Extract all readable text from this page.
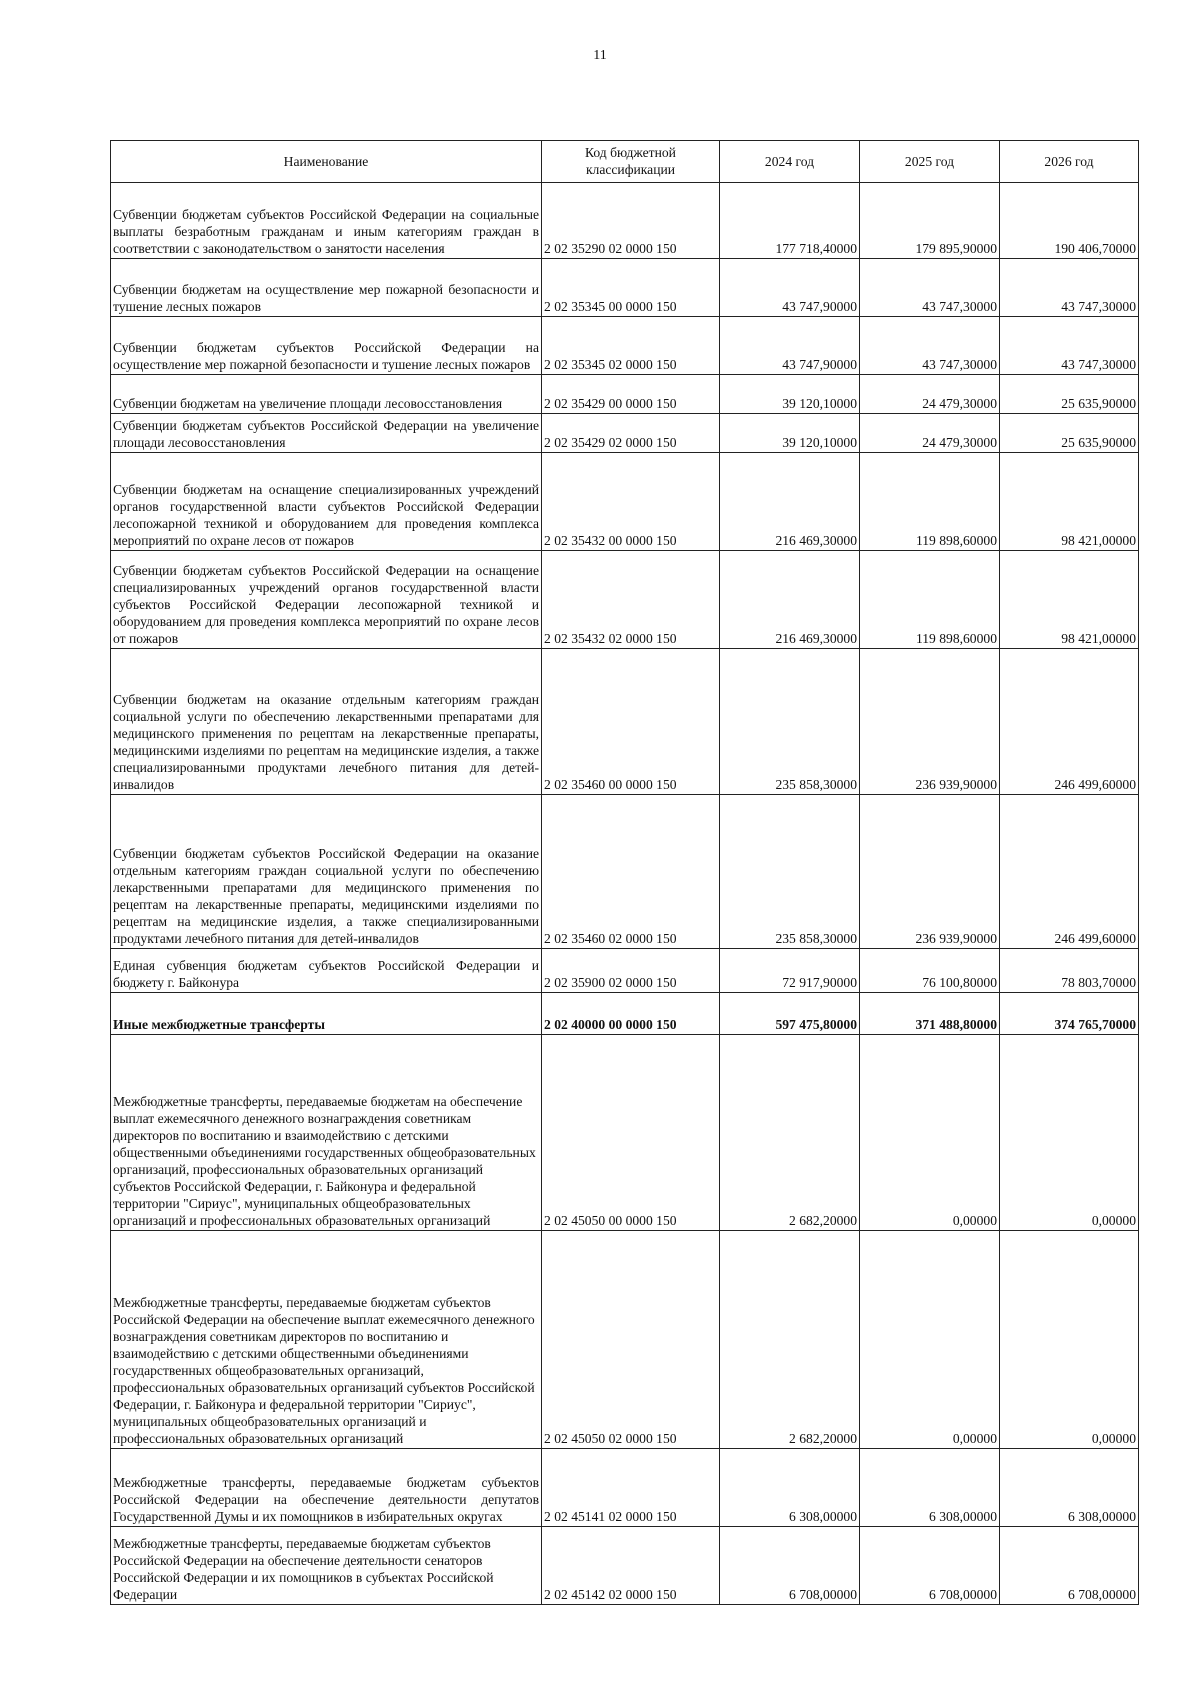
11
Наименование	Код бюджетной классификации	2024 год	2025 год	2026 год
Субвенции бюджетам субъектов Российской Федерации на социальные выплаты безработным гражданам и иным категориям граждан в соответствии с законодательством о занятости населения	2 02 35290 02 0000 150	177 718,40000	179 895,90000	190 406,70000
Субвенции бюджетам на осуществление мер пожарной безопасности и тушение лесных пожаров	2 02 35345 00 0000 150	43 747,90000	43 747,30000	43 747,30000
Субвенции бюджетам субъектов Российской Федерации на осуществление мер пожарной безопасности и тушение лесных пожаров	2 02 35345 02 0000 150	43 747,90000	43 747,30000	43 747,30000
Субвенции бюджетам на увеличение площади лесовосстановления	2 02 35429 00 0000 150	39 120,10000	24 479,30000	25 635,90000
Субвенции бюджетам субъектов Российской Федерации на увеличение площади лесовосстановления	2 02 35429 02 0000 150	39 120,10000	24 479,30000	25 635,90000
Субвенции бюджетам на оснащение специализированных учреждений органов государственной власти субъектов Российской Федерации лесопожарной техникой и оборудованием для проведения комплекса мероприятий по охране лесов от пожаров	2 02 35432 00 0000 150	216 469,30000	119 898,60000	98 421,00000
Субвенции бюджетам субъектов Российской Федерации на оснащение специализированных учреждений органов государственной власти субъектов Российской Федерации лесопожарной техникой и оборудованием для проведения комплекса мероприятий по охране лесов от пожаров	2 02 35432 02 0000 150	216 469,30000	119 898,60000	98 421,00000
Субвенции бюджетам на оказание отдельным категориям граждан социальной услуги по обеспечению лекарственными препаратами для медицинского применения по рецептам на лекарственные препараты, медицинскими изделиями по рецептам на медицинские изделия, а также специализированными продуктами лечебного питания для детей-инвалидов	2 02 35460 00 0000 150	235 858,30000	236 939,90000	246 499,60000
Субвенции бюджетам субъектов Российской Федерации на оказание отдельным категориям граждан социальной услуги по обеспечению лекарственными препаратами для медицинского применения по рецептам на лекарственные препараты, медицинскими изделиями по рецептам на медицинские изделия, а также специализированными продуктами лечебного питания для детей-инвалидов	2 02 35460 02 0000 150	235 858,30000	236 939,90000	246 499,60000
Единая субвенция бюджетам субъектов Российской Федерации и бюджету г. Байконура	2 02 35900 02 0000 150	72 917,90000	76 100,80000	78 803,70000
Иные межбюджетные трансферты	2 02 40000 00 0000 150	597 475,80000	371 488,80000	374 765,70000
Межбюджетные трансферты, передаваемые бюджетам на обеспечение выплат ежемесячного денежного вознаграждения советникам директоров по воспитанию и взаимодействию с детскими общественными объединениями государственных общеобразовательных организаций, профессиональных образовательных организаций субъектов Российской Федерации, г. Байконура и федеральной территории "Сириус", муниципальных общеобразовательных организаций и профессиональных образовательных организаций	2 02 45050 00 0000 150	2 682,20000	0,00000	0,00000
Межбюджетные трансферты, передаваемые бюджетам субъектов Российской Федерации на обеспечение выплат ежемесячного денежного вознаграждения советникам директоров по воспитанию и взаимодействию с детскими общественными объединениями государственных общеобразовательных организаций, профессиональных образовательных организаций субъектов Российской Федерации, г. Байконура и федеральной территории "Сириус", муниципальных общеобразовательных организаций и профессиональных образовательных организаций	2 02 45050 02 0000 150	2 682,20000	0,00000	0,00000
Межбюджетные трансферты, передаваемые бюджетам субъектов Российской Федерации на обеспечение деятельности депутатов Государственной Думы и их помощников в избирательных округах	2 02 45141 02 0000 150	6 308,00000	6 308,00000	6 308,00000
Межбюджетные трансферты, передаваемые бюджетам субъектов Российской Федерации на обеспечение деятельности сенаторов Российской Федерации и их помощников в субъектах Российской Федерации	2 02 45142 02 0000 150	6 708,00000	6 708,00000	6 708,00000
